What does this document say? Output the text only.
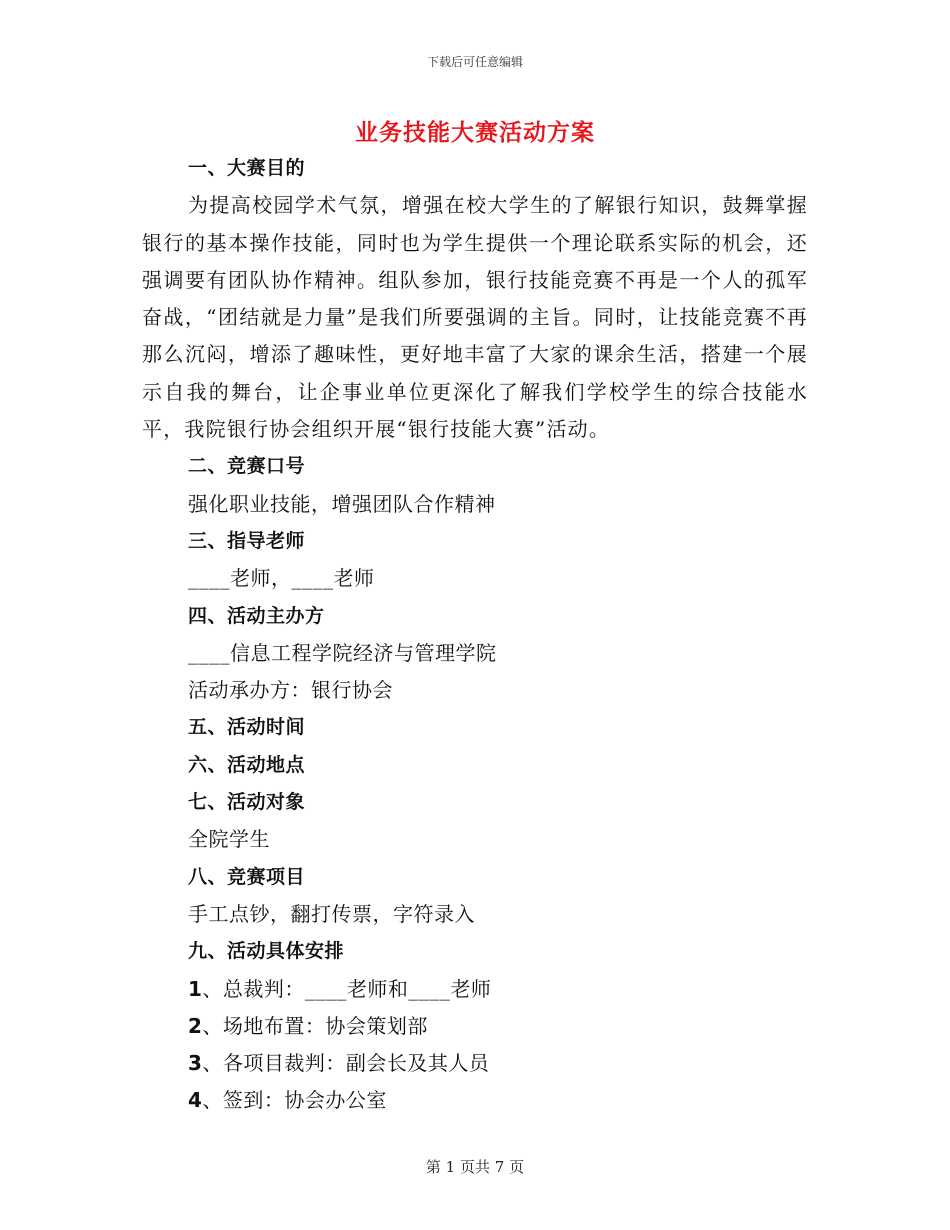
下载后可任意编辑
业务技能大赛活动方案
一、大赛目的
为提高校园学术气氛，增强在校大学生的了解银行知识，鼓舞掌握银行的基本操作技能，同时也为学生提供一个理论联系实际的机会，还强调要有团队协作精神。组队参加，银行技能竞赛不再是一个人的孤军奋战，“团结就是力量”是我们所要强调的主旨。同时，让技能竞赛不再那么沉闷，增添了趣味性，更好地丰富了大家的课余生活，搭建一个展示自我的舞台，让企事业单位更深化了解我们学校学生的综合技能水平，我院银行协会组织开展“银行技能大赛”活动。
二、竞赛口号
强化职业技能，增强团队合作精神
三、指导老师
____老师，____老师
四、活动主办方
____信息工程学院经济与管理学院
活动承办方：银行协会
五、活动时间
六、活动地点
七、活动对象
全院学生
八、竞赛项目
手工点钞，翻打传票，字符录入
九、活动具体安排
1、总裁判：____老师和____老师
2、场地布置：协会策划部
3、各项目裁判：副会长及其人员
4、签到：协会办公室
第 1 页共 7 页
